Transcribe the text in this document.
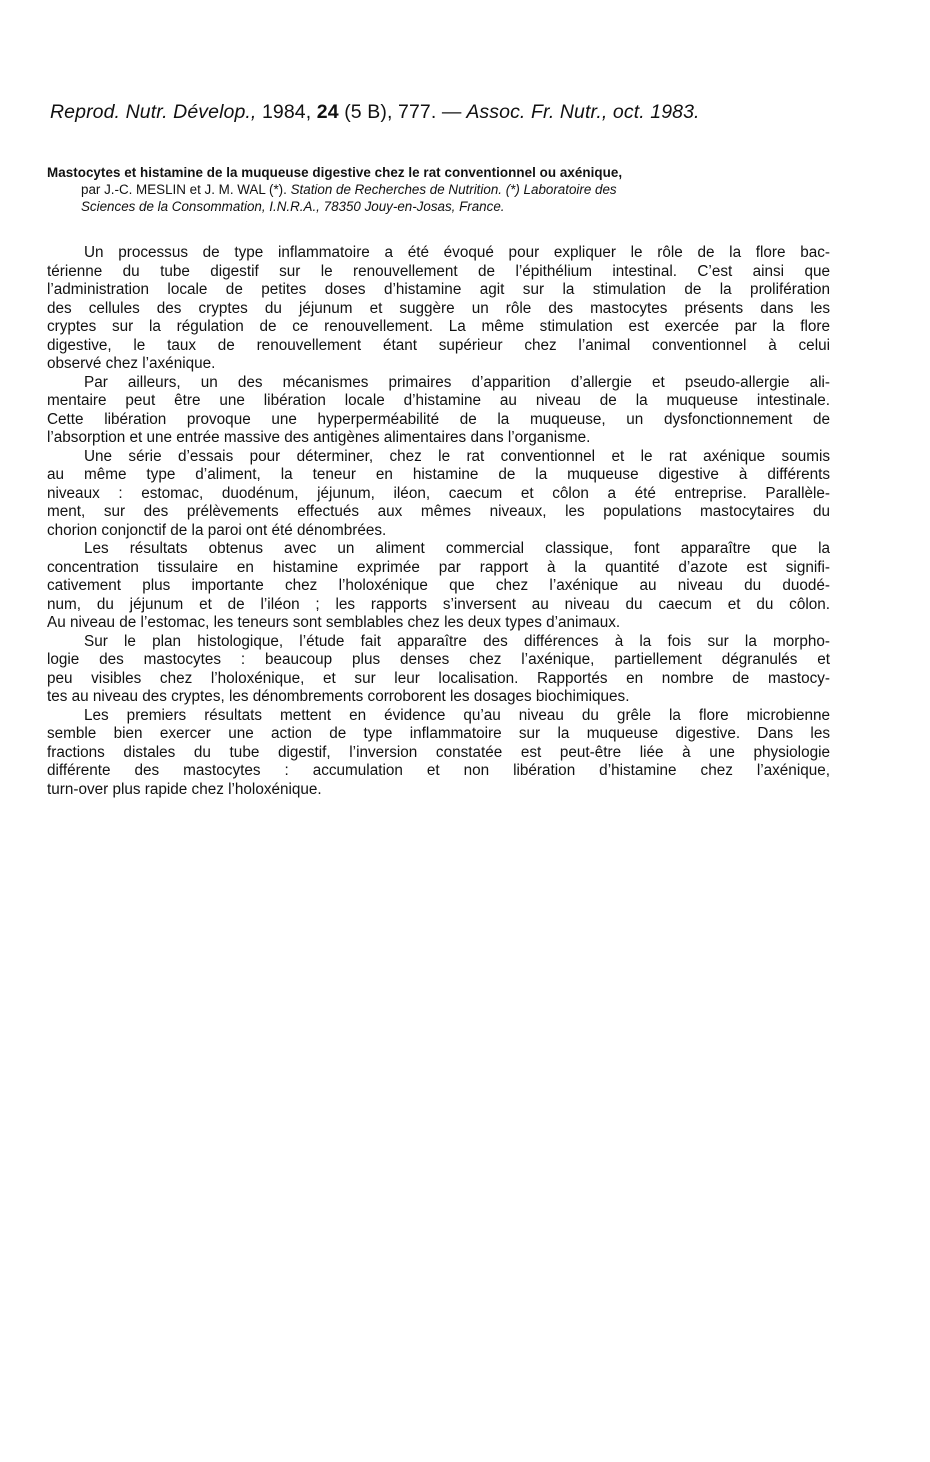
Reprod. Nutr. Dévelop., 1984, 24 (5 B), 777. — Assoc. Fr. Nutr., oct. 1983.
Mastocytes et histamine de la muqueuse digestive chez le rat conventionnel ou axénique,
par J.-C. MESLIN et J. M. WAL (*). Station de Recherches de Nutrition. (*) Laboratoire des
Sciences de la Consommation, I.N.R.A., 78350 Jouy-en-Josas, France.
Un processus de type inflammatoire a été évoqué pour expliquer le rôle de la flore bac-
térienne du tube digestif sur le renouvellement de l’épithélium intestinal. C’est ainsi que
l’administration locale de petites doses d’histamine agit sur la stimulation de la prolifération
des cellules des cryptes du jéjunum et suggère un rôle des mastocytes présents dans les
cryptes sur la régulation de ce renouvellement. La même stimulation est exercée par la flore
digestive, le taux de renouvellement étant supérieur chez l’animal conventionnel à celui
observé chez l’axénique.
Par ailleurs, un des mécanismes primaires d’apparition d’allergie et pseudo-allergie ali-
mentaire peut être une libération locale d’histamine au niveau de la muqueuse intestinale.
Cette libération provoque une hyperperméabilité de la muqueuse, un dysfonctionnement de
l’absorption et une entrée massive des antigènes alimentaires dans l’organisme.
Une série d’essais pour déterminer, chez le rat conventionnel et le rat axénique soumis
au même type d’aliment, la teneur en histamine de la muqueuse digestive à différents
niveaux : estomac, duodénum, jéjunum, iléon, caecum et côlon a été entreprise. Parallèle-
ment, sur des prélèvements effectués aux mêmes niveaux, les populations mastocytaires du
chorion conjonctif de la paroi ont été dénombrées.
Les résultats obtenus avec un aliment commercial classique, font apparaître que la
concentration tissulaire en histamine exprimée par rapport à la quantité d’azote est signifi-
cativement plus importante chez l’holoxénique que chez l’axénique au niveau du duodé-
num, du jéjunum et de l’iléon ; les rapports s’inversent au niveau du caecum et du côlon.
Au niveau de l’estomac, les teneurs sont semblables chez les deux types d’animaux.
Sur le plan histologique, l’étude fait apparaître des différences à la fois sur la morpho-
logie des mastocytes : beaucoup plus denses chez l’axénique, partiellement dégranulés et
peu visibles chez l’holoxénique, et sur leur localisation. Rapportés en nombre de mastocy-
tes au niveau des cryptes, les dénombrements corroborent les dosages biochimiques.
Les premiers résultats mettent en évidence qu’au niveau du grêle la flore microbienne
semble bien exercer une action de type inflammatoire sur la muqueuse digestive. Dans les
fractions distales du tube digestif, l’inversion constatée est peut-être liée à une physiologie
différente des mastocytes : accumulation et non libération d’histamine chez l’axénique,
turn-over plus rapide chez l’holoxénique.
